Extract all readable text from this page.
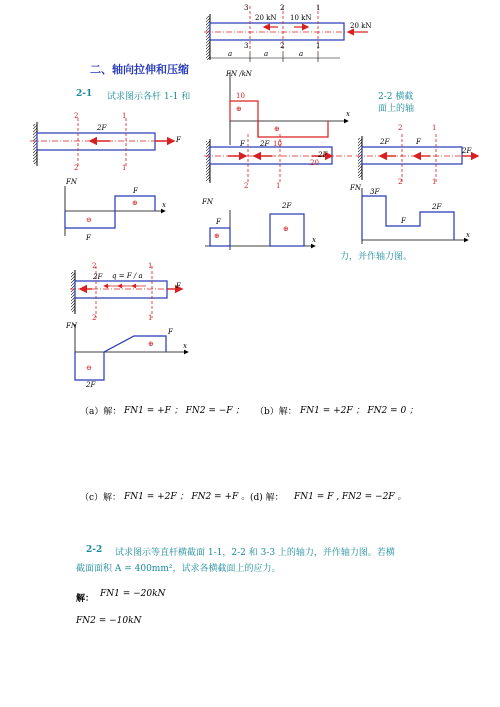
3	2	1
20 kN 10 kN
20 kN
3	2	1
a	a	a
二、轴向拉伸和压缩
2-1 试求图示各杆 1-1 和	2-2 横截
面上的轴
力，并作轴力图。
2	1
2F
F
2	1
FN
F
x
⊕
⊖
F
FN /kN
10
⊕
⊕
x
F 2F 10
2F
20
2	1
FN	2F
F
⊕
⊕
x
2	1
2F	F
2F
2	1
FN 3F
2F
F
x
2	1
2F q = F / a
F
2	1
FN
F
⊕	x
⊖
2F
（a）解： FN1 = +F ； FN2 = −F ； （b）解： FN1 = +2F ； FN2 = 0 ；
（c）解： FN1 = +2F ； FN2 = +F 。 (d) 解： FN1 = F , FN2 = −2F 。
2-2 试求图示等直杆横截面 1-1，2-2 和 3-3 上的轴力，并作轴力图。若横
截面面积 A = 400mm²，试求各横截面上的应力。
解： FN1 = −20kN
FN2 = −10kN
